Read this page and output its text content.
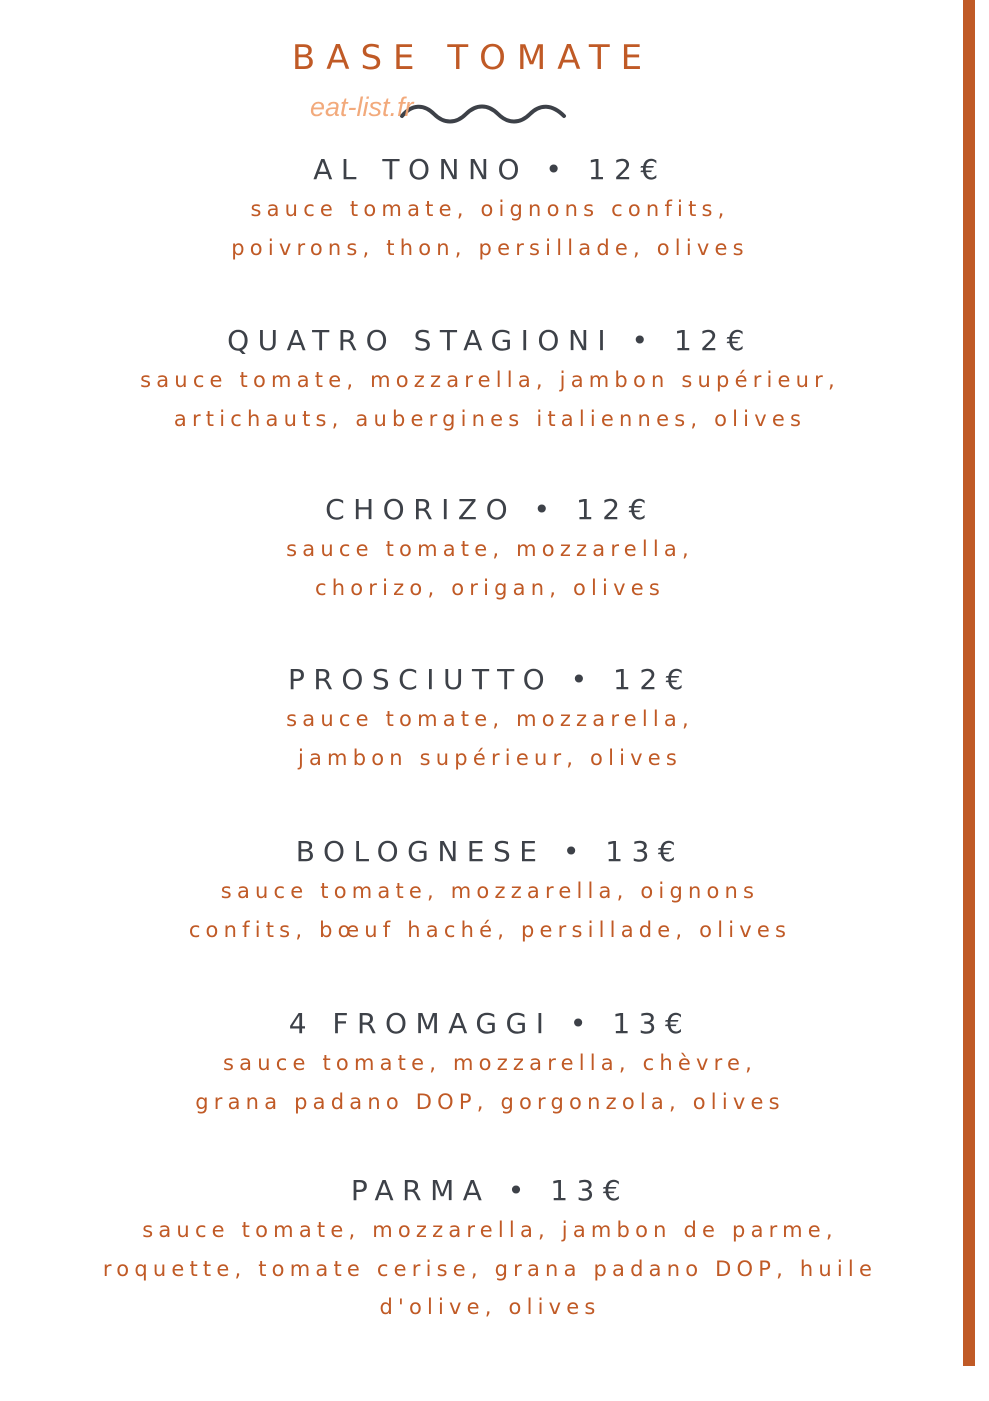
BASE TOMATE
eat-list.fr
AL TONNO • 12€
sauce tomate, oignons confits,
poivrons, thon, persillade, olives
QUATRO STAGIONI • 12€
sauce tomate, mozzarella, jambon supérieur,
artichauts, aubergines italiennes, olives
CHORIZO • 12€
sauce tomate, mozzarella,
chorizo, origan, olives
PROSCIUTTO • 12€
sauce tomate, mozzarella,
jambon supérieur, olives
BOLOGNESE • 13€
sauce tomate, mozzarella, oignons
confits, bœuf haché, persillade, olives
4 FROMAGGI • 13€
sauce tomate, mozzarella, chèvre,
grana padano DOP, gorgonzola, olives
PARMA • 13€
sauce tomate, mozzarella, jambon de parme,
roquette, tomate cerise, grana padano DOP, huile
d'olive, olives
